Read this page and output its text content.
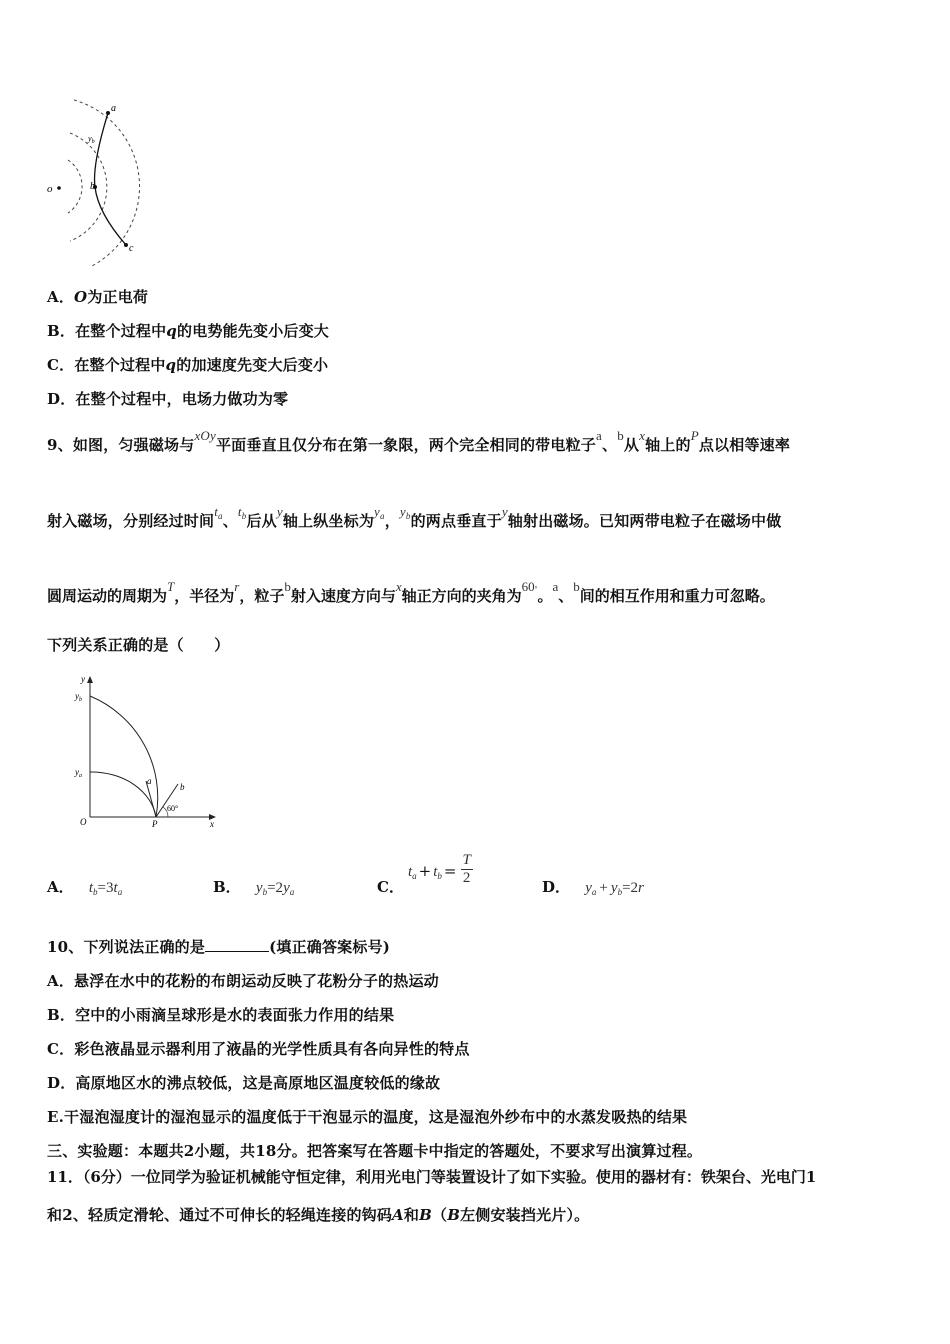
a
$y_b$
b
c
o
A．O为正电荷
B．在整个过程中q的电势能先变小后变大
C．在整个过程中q的加速度先变大后变小
D．在整个过程中，电场力做功为零
9、如图，匀强磁场与xOy平面垂直且仅分布在第一象限，两个完全相同的带电粒子a、b从x轴上的P点以相等速率
射入磁场，分别经过时间$t_a$、$t_b$后从y轴上纵坐标为$y_a$，$y_b$的两点垂直于y轴射出磁场。已知两带电粒子在磁场中做
圆周运动的周期为T，半径为r，粒子b射入速度方向与x轴正方向的夹角为60°。a、b间的相互作用和重力可忽略。
下列关系正确的是（　　）
y
$y_b$
$y_a$
O	P	x
a
b
60°
A． $t_b=3t_a$	B． $y_b=2y_a$	C．
$t_a + t_b = \frac{T}{2}$	D． $y_a + y_b=2r$
10、下列说法正确的是	(填正确答案标号)
A．悬浮在水中的花粉的布朗运动反映了花粉分子的热运动
B．空中的小雨滴呈球形是水的表面张力作用的结果
C．彩色液晶显示器利用了液晶的光学性质具有各向异性的特点
D．高原地区水的沸点较低，这是高原地区温度较低的缘故
E.干湿泡湿度计的湿泡显示的温度低于干泡显示的温度，这是湿泡外纱布中的水蒸发吸热的结果
三、实验题：本题共2小题，共18分。把答案写在答题卡中指定的答题处，不要求写出演算过程。
11．（6分）一位同学为验证机械能守恒定律，利用光电门等装置设计了如下实验。使用的器材有：铁架台、光电门1
和2、轻质定滑轮、通过不可伸长的轻绳连接的钩码A和B（B左侧安装挡光片）。
